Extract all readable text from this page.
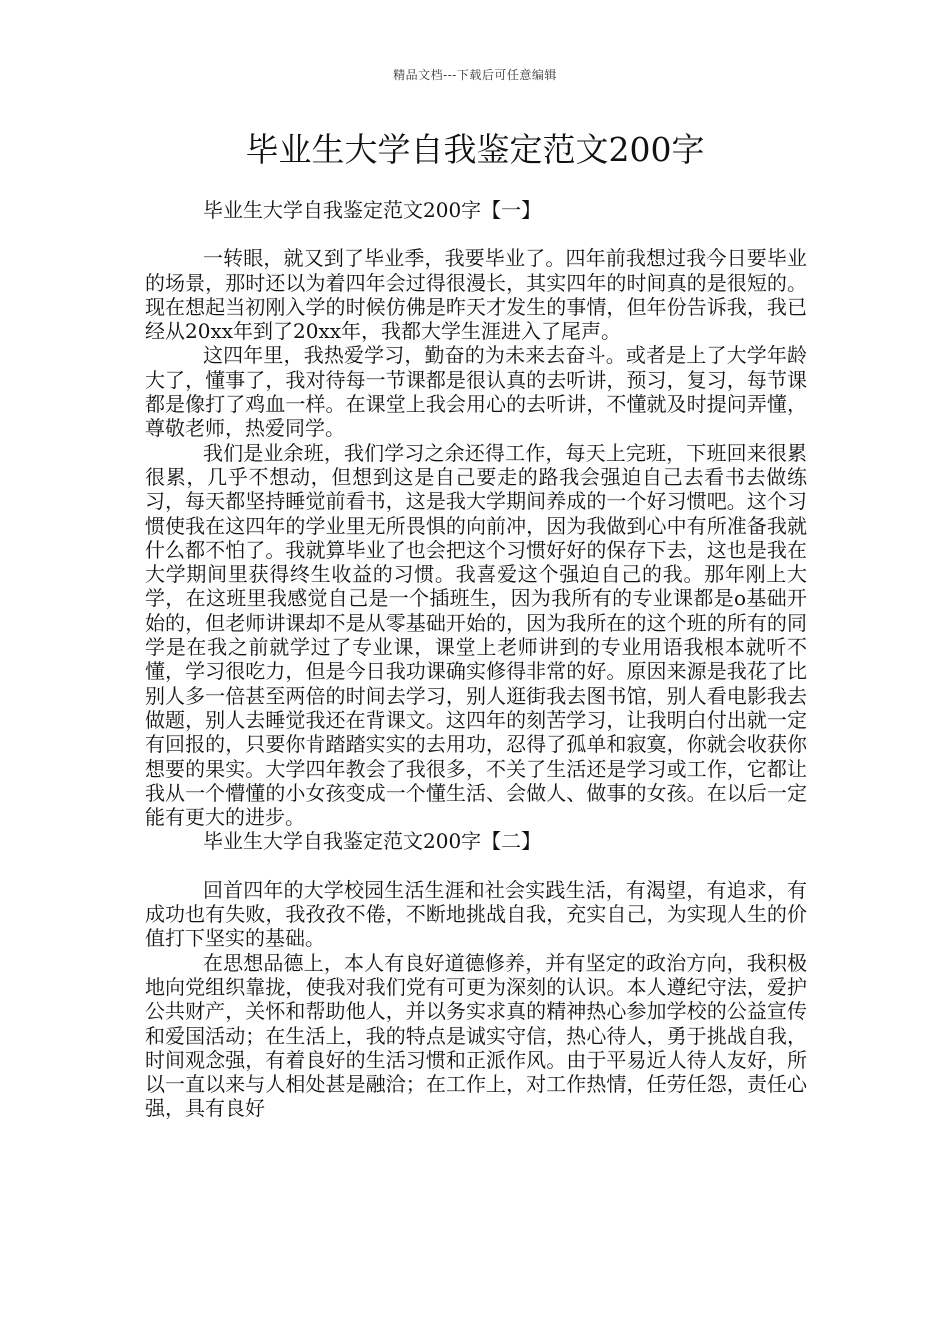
精品文档---下载后可任意编辑
毕业生大学自我鉴定范文200字
毕业生大学自我鉴定范文200字【一】

一转眼，就又到了毕业季，我要毕业了。四年前我想过我今日要毕业的场景，那时还以为着四年会过得很漫长，其实四年的时间真的是很短的。现在想起当初刚入学的时候仿佛是昨天才发生的事情，但年份告诉我，我已经从20xx年到了20xx年，我都大学生涯进入了尾声。

这四年里，我热爱学习，勤奋的为未来去奋斗。或者是上了大学年龄大了，懂事了，我对待每一节课都是很认真的去听讲，预习，复习，每节课都是像打了鸡血一样。在课堂上我会用心的去听讲，不懂就及时提问弄懂，尊敬老师，热爱同学。

我们是业余班，我们学习之余还得工作，每天上完班，下班回来很累很累，几乎不想动，但想到这是自己要走的路我会强迫自己去看书去做练习，每天都坚持睡觉前看书，这是我大学期间养成的一个好习惯吧。这个习惯使我在这四年的学业里无所畏惧的向前冲，因为我做到心中有所准备我就什么都不怕了。我就算毕业了也会把这个习惯好好的保存下去，这也是我在大学期间里获得终生收益的习惯。我喜爱这个强迫自己的我。那年刚上大学，在这班里我感觉自己是一个插班生，因为我所有的专业课都是o基础开始的，但老师讲课却不是从零基础开始的，因为我所在的这个班的所有的同学是在我之前就学过了专业课，课堂上老师讲到的专业用语我根本就听不懂，学习很吃力，但是今日我功课确实修得非常的好。原因来源是我花了比别人多一倍甚至两倍的时间去学习，别人逛街我去图书馆，别人看电影我去做题，别人去睡觉我还在背课文。这四年的刻苦学习，让我明白付出就一定有回报的，只要你肯踏踏实实的去用功，忍得了孤单和寂寞，你就会收获你想要的果实。大学四年教会了我很多，不关了生活还是学习或工作，它都让我从一个懵懂的小女孩变成一个懂生活、会做人、做事的女孩。在以后一定能有更大的进步。

毕业生大学自我鉴定范文200字【二】

回首四年的大学校园生活生涯和社会实践生活，有渴望，有追求，有成功也有失败，我孜孜不倦，不断地挑战自我，充实自己，为实现人生的价值打下坚实的基础。

在思想品德上，本人有良好道德修养，并有坚定的政治方向，我积极地向党组织靠拢，使我对我们党有可更为深刻的认识。本人遵纪守法，爱护公共财产，关怀和帮助他人，并以务实求真的精神热心参加学校的公益宣传和爱国活动；在生活上，我的特点是诚实守信，热心待人，勇于挑战自我，时间观念强，有着良好的生活习惯和正派作风。由于平易近人待人友好，所以一直以来与人相处甚是融洽；在工作上，对工作热情，任劳任怨，责任心强，具有良好
